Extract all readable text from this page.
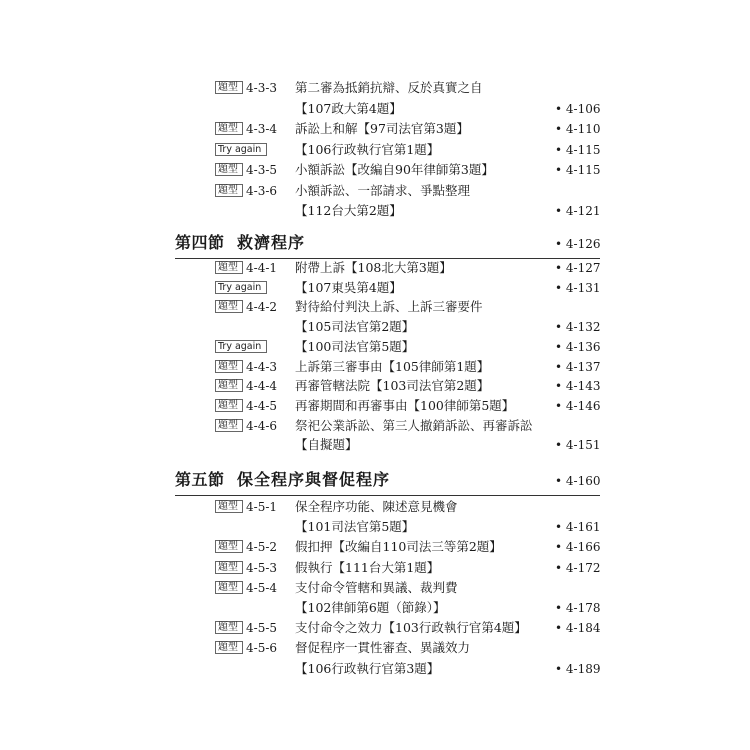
題型 4-3-3 第二審為抵銷抗辯、反於真實之自
【107政大第4題】	• 4-106
題型 4-3-4 訴訟上和解【97司法官第3題】	• 4-110
Try again	【106行政執行官第1題】	• 4-115
題型 4-3-5 小額訴訟【改編自90年律師第3題】	• 4-115
題型 4-3-6 小額訴訟、一部請求、爭點整理
【112台大第2題】	• 4-121
第四節 救濟程序	• 4-126
題型 4-4-1 附帶上訴【108北大第3題】	• 4-127
Try again	【107東吳第4題】	• 4-131
題型 4-4-2 對待給付判決上訴、上訴三審要件
【105司法官第2題】	• 4-132
Try again	【100司法官第5題】	• 4-136
題型 4-4-3 上訴第三審事由【105律師第1題】	• 4-137
題型 4-4-4 再審管轄法院【103司法官第2題】	• 4-143
題型 4-4-5 再審期間和再審事由【100律師第5題】	• 4-146
題型 4-4-6 祭祀公業訴訟、第三人撤銷訴訟、再審訴訟
【自擬題】	• 4-151
第五節 保全程序與督促程序	• 4-160
題型 4-5-1 保全程序功能、陳述意見機會
【101司法官第5題】	• 4-161
題型 4-5-2 假扣押【改編自110司法三等第2題】	• 4-166
題型 4-5-3 假執行【111台大第1題】	• 4-172
題型 4-5-4 支付命令管轄和異議、裁判費
【102律師第6題（節錄）】	• 4-178
題型 4-5-5 支付命令之效力【103行政執行官第4題】 • 4-184
題型 4-5-6 督促程序一貫性審查、異議效力
【106行政執行官第3題】	• 4-189
